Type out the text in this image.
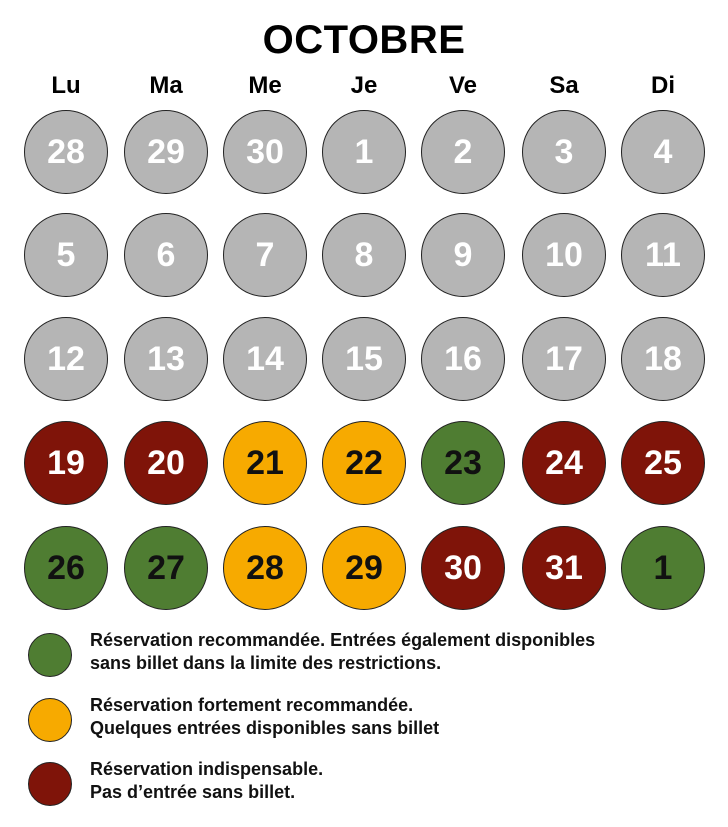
OCTOBRE
Lu	Ma	Me	Je	Ve	Sa	Di
28	29	30	1	2	3	4
5	6	7	8	9	10	11
12	13	14	15	16	17	18
19	20	21	22	23	24	25
26	27	28	29	30	31	1
Réservation recommandée. Entrées également disponibles
sans billet dans la limite des restrictions.
Réservation fortement recommandée.
Quelques entrées disponibles sans billet
Réservation indispensable.
Pas d’entrée sans billet.
